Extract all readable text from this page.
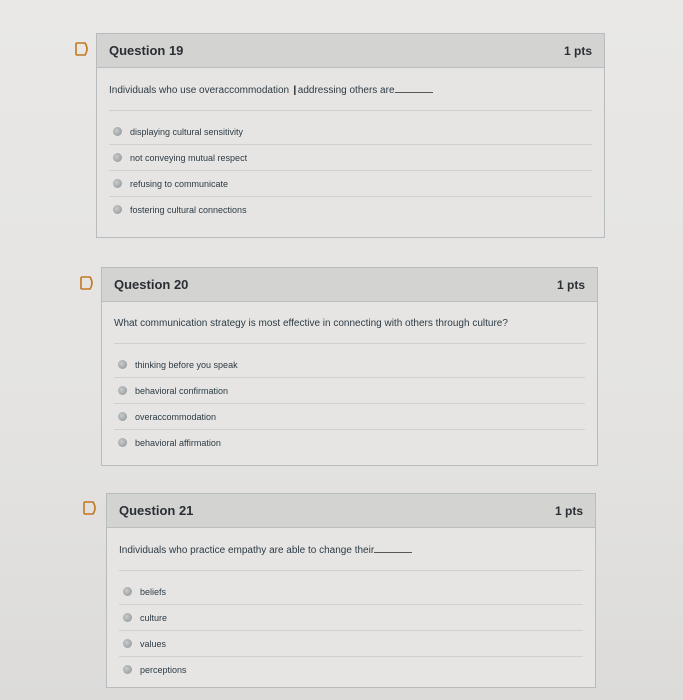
Question 19	1 pts
Individuals who use overaccommodation Iaddressing others are
displaying cultural sensitivity
not conveying mutual respect
refusing to communicate
fostering cultural connections
Question 20	1 pts
What communication strategy is most effective in connecting with others through culture?
thinking before you speak
behavioral confirmation
overaccommodation
behavioral affirmation
Question 21	1 pts
Individuals who practice empathy are able to change their
beliefs
culture
values
perceptions
